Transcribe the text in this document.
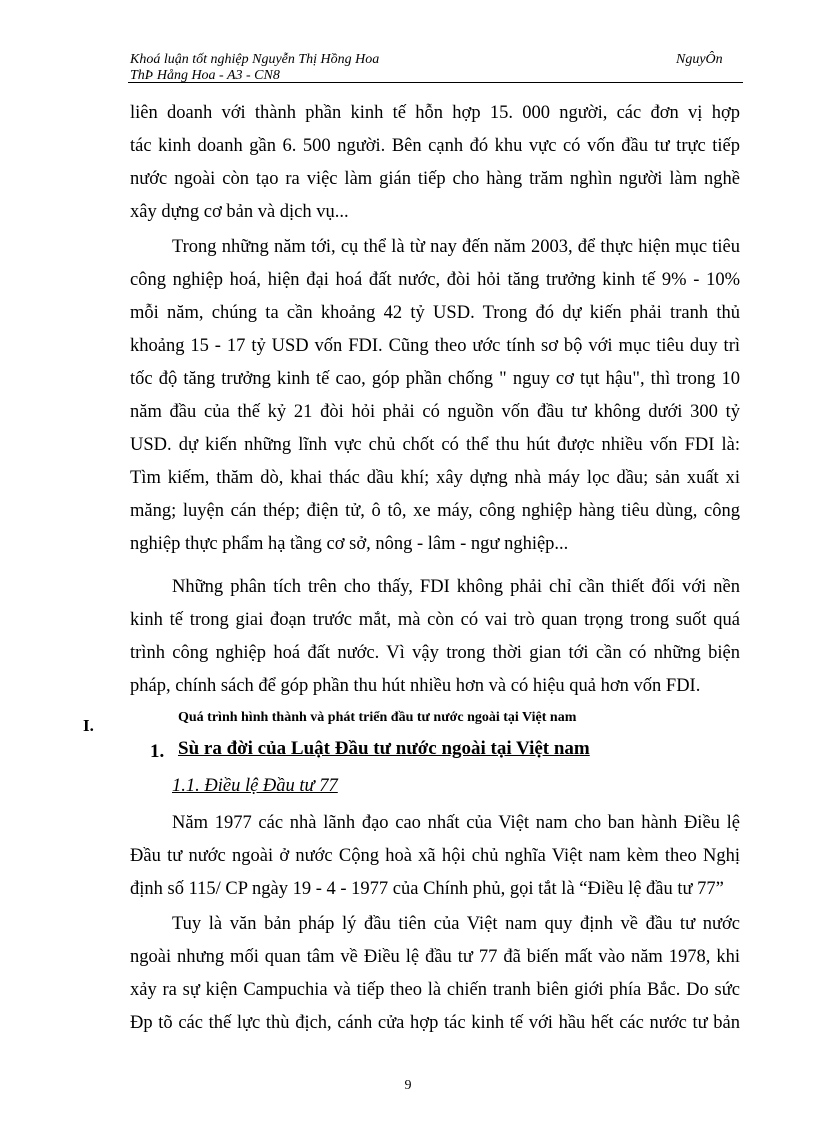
Khoá luận tốt nghiệp Nguyễn Thị Hồng Hoa	NguyÔn
ThÞ Hång Hoa - A3 - CN8
liên doanh với thành phần kinh tế hỗn hợp 15. 000 người, các đơn vị hợp
tác kinh doanh gần 6. 500 người. Bên cạnh đó khu vực có vốn đầu tư trực tiếp
nước ngoài còn tạo ra việc làm gián tiếp cho hàng trăm nghìn người làm nghề
xây dựng cơ bản và dịch vụ...
Trong những năm tới, cụ thể là từ nay đến năm 2003, để thực hiện mục tiêu
công nghiệp hoá, hiện đại hoá đất nước, đòi hỏi tăng trưởng kinh tế 9% - 10%
mỗi năm, chúng ta cần khoảng 42 tỷ USD. Trong đó dự kiến phải tranh thủ
khoảng 15 - 17 tỷ USD vốn FDI. Cũng theo ước tính sơ bộ với mục tiêu duy trì
tốc độ tăng trưởng kinh tế cao, góp phần chống " nguy cơ tụt hậu", thì trong 10
năm đầu của thế kỷ 21 đòi hỏi phải có nguồn vốn đầu tư không dưới 300 tỷ
USD. dự kiến những lĩnh vực chủ chốt có thể thu hút được nhiều vốn FDI là:
Tìm kiếm, thăm dò, khai thác dầu khí; xây dựng nhà máy lọc dầu; sản xuất xi
măng; luyện cán thép; điện tử, ô tô, xe máy, công nghiệp hàng tiêu dùng, công
nghiệp thực phẩm hạ tầng cơ sở, nông - lâm - ngư nghiệp...
Những phân tích trên cho thấy, FDI không phải chỉ cần thiết đối với nền
kinh tế trong giai đoạn trước mắt, mà còn có vai trò quan trọng trong suốt quá
trình công nghiệp hoá đất nước. Vì vậy trong thời gian tới cần có những biện
pháp, chính sách để góp phần thu hút nhiều hơn và có hiệu quả hơn vốn FDI.
I.	Quá trình hình thành và phát triển đầu tư nước ngoài tại Việt nam
1. Sù ra đời của Luật Đầu tư nước ngoài tại Việt nam
1.1. Điều lệ Đầu tư 77
Năm 1977 các nhà lãnh đạo cao nhất của Việt nam cho ban hành Điều lệ
Đầu tư nước ngoài ở nước Cộng hoà xã hội chủ nghĩa Việt nam kèm theo Nghị
định số 115/ CP ngày 19 - 4 - 1977 của Chính phủ, gọi tắt là “Điều lệ đầu tư 77”
Tuy là văn bản pháp lý đầu tiên của Việt nam quy định về đầu tư nước
ngoài nhưng mối quan tâm về Điều lệ đầu tư 77 đã biến mất vào năm 1978, khi
xảy ra sự kiện Campuchia và tiếp theo là chiến tranh biên giới phía Bắc. Do sức
Ðp tõ các thế lực thù địch, cánh cửa hợp tác kinh tế với hầu hết các nước tư bản
9
